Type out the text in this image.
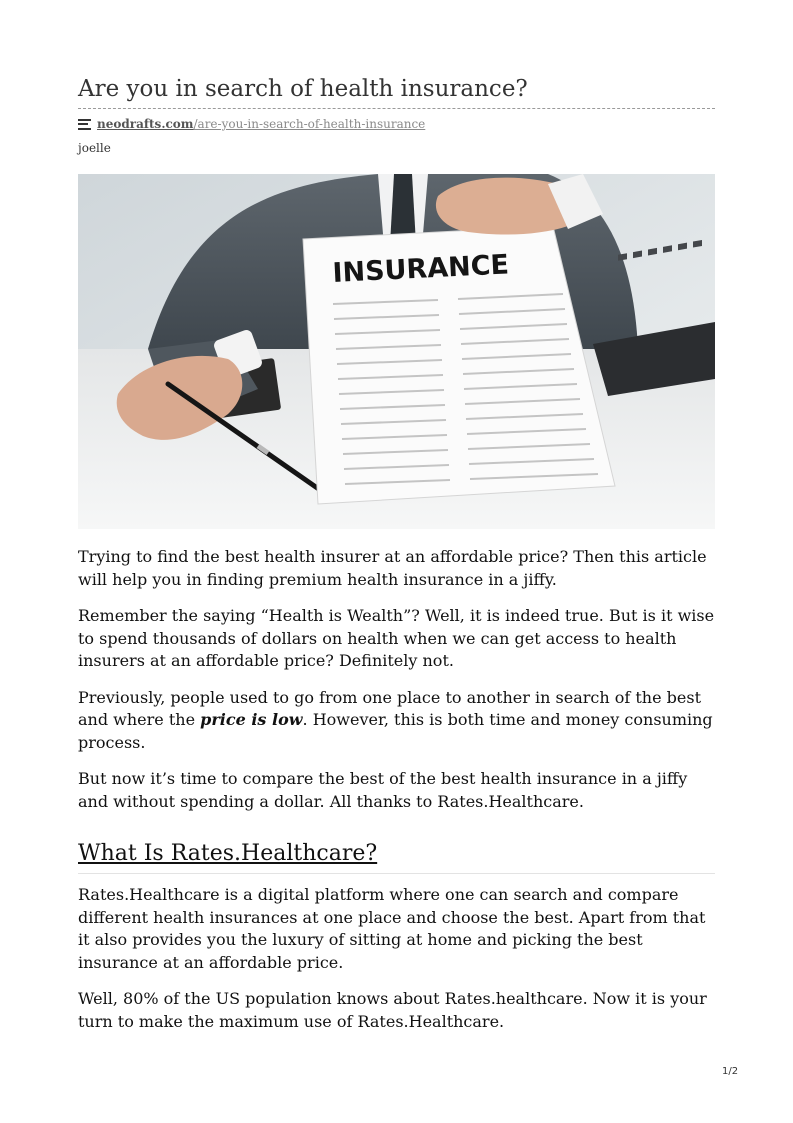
Are you in search of health insurance?
neodrafts.com /are-you-in-search-of-health-insurance
joelle
INSURANCE

Trying to find the best health insurer at an affordable price? Then this article will help you in finding premium health insurance in a jiffy.

Remember the saying “Health is Wealth”? Well, it is indeed true. But is it wise to spend thousands of dollars on health when we can get access to health insurers at an affordable price? Definitely not.

Previously, people used to go from one place to another in search of the best and where the price is low. However, this is both time and money consuming process.

But now it’s time to compare the best of the best health insurance in a jiffy and without spending a dollar. All thanks to Rates.Healthcare.

What Is Rates.Healthcare?

Rates.Healthcare is a digital platform where one can search and compare different health insurances at one place and choose the best. Apart from that it also provides you the luxury of sitting at home and picking the best insurance at an affordable price.

Well, 80% of the US population knows about Rates.healthcare. Now it is your turn to make the maximum use of Rates.Healthcare.

1/2
